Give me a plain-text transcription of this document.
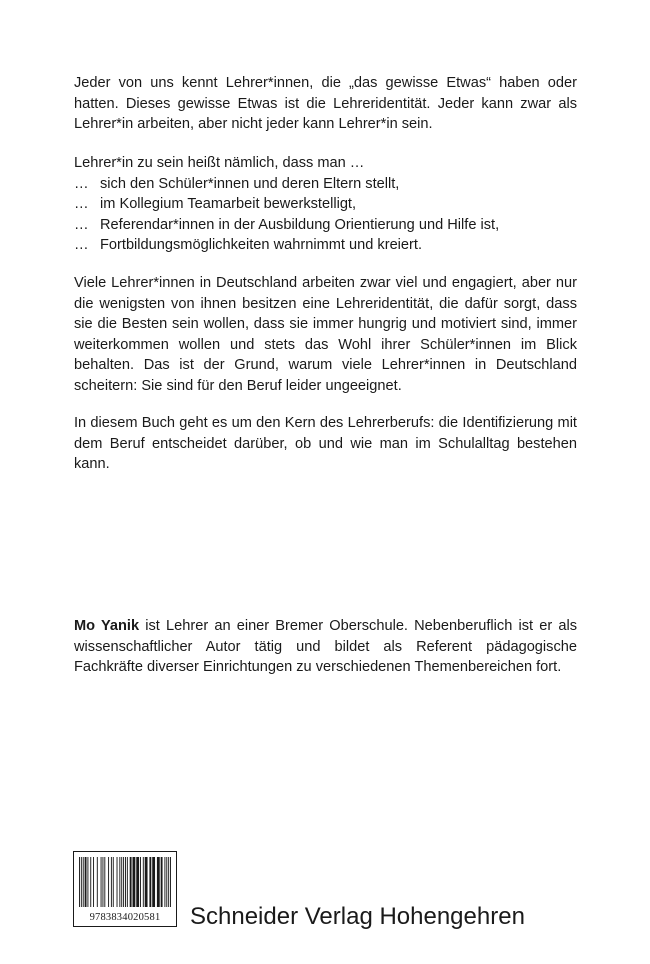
Jeder von uns kennt Lehrer*innen, die „das gewisse Etwas“ haben oder hatten. Dieses gewisse Etwas ist die Lehreridentität. Jeder kann zwar als Lehrer*in arbeiten, aber nicht jeder kann Lehrer*in sein.

Lehrer*in zu sein heißt nämlich, dass man …

… sich den Schüler*innen und deren Eltern stellt,
… im Kollegium Teamarbeit bewerkstelligt,
… Referendar*innen in der Ausbildung Orientierung und Hilfe ist,
… Fortbildungsmöglichkeiten wahrnimmt und kreiert.

Viele Lehrer*innen in Deutschland arbeiten zwar viel und engagiert, aber nur die wenigsten von ihnen besitzen eine Lehreridentität, die dafür sorgt, dass sie die Besten sein wollen, dass sie immer hungrig und motiviert sind, immer weiterkommen wollen und stets das Wohl ihrer Schüler*innen im Blick behalten. Das ist der Grund, warum viele Lehrer*innen in Deutschland scheitern: Sie sind für den Beruf leider ungeeignet.

In diesem Buch geht es um den Kern des Lehrerberufs: die Identifizierung mit dem Beruf entscheidet darüber, ob und wie man im Schulalltag bestehen kann.

Mo Yanik ist Lehrer an einer Bremer Oberschule. Nebenberuflich ist er als wissenschaftlicher Autor tätig und bildet als Referent pädagogische Fachkräfte diverser Einrichtungen zu verschiedenen Themenbereichen fort.

9783834020581	Schneider Verlag Hohengehren
